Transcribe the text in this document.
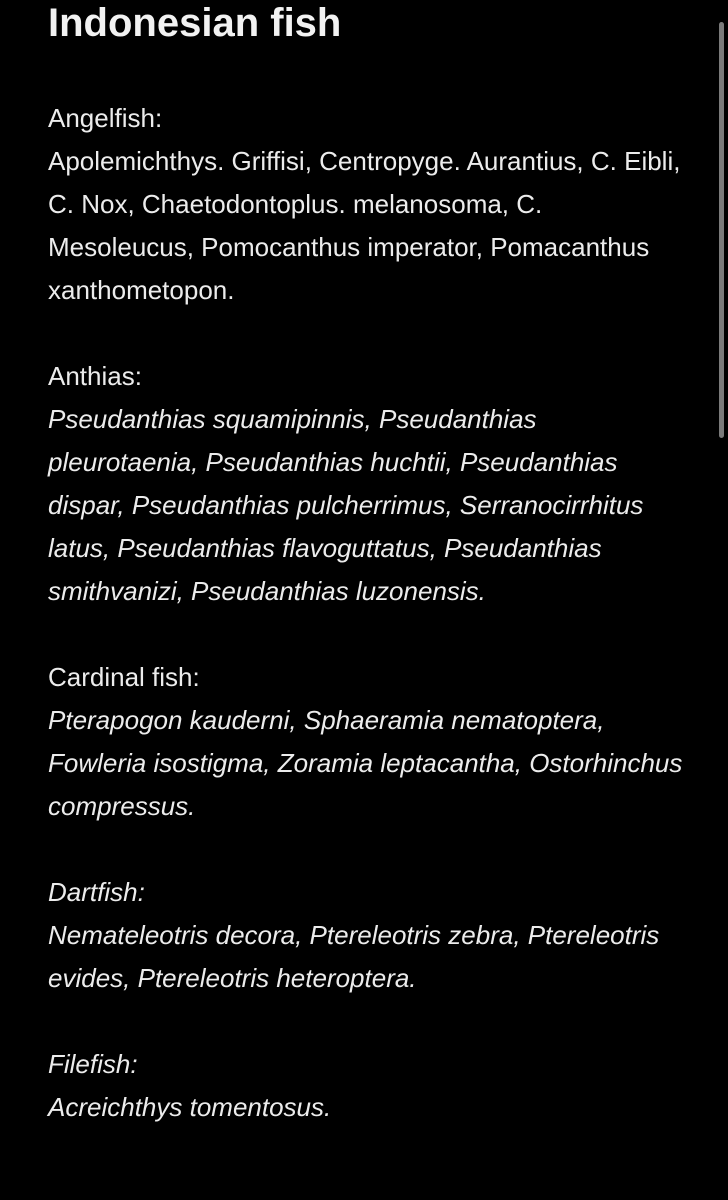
Indonesian fish
Angelfish:
Apolemichthys. Griffisi, Centropyge. Aurantius, C. Eibli, C. Nox, Chaetodontoplus. melanosoma, C. Mesoleucus, Pomocanthus imperator, Pomacanthus xanthometopon.
Anthias:
Pseudanthias squamipinnis, Pseudanthias pleurotaenia, Pseudanthias huchtii, Pseudanthias dispar, Pseudanthias pulcherrimus, Serranocirrhitus latus, Pseudanthias flavoguttatus, Pseudanthias smithvanizi, Pseudanthias luzonensis.
Cardinal fish:
Pterapogon kauderni, Sphaeramia nematoptera, Fowleria isostigma, Zoramia leptacantha, Ostorhinchus compressus.
Dartfish:
Nemateleotris decora, Ptereleotris zebra, Ptereleotris evides, Ptereleotris heteroptera.
Filefish:
Acreichthys tomentosus.
